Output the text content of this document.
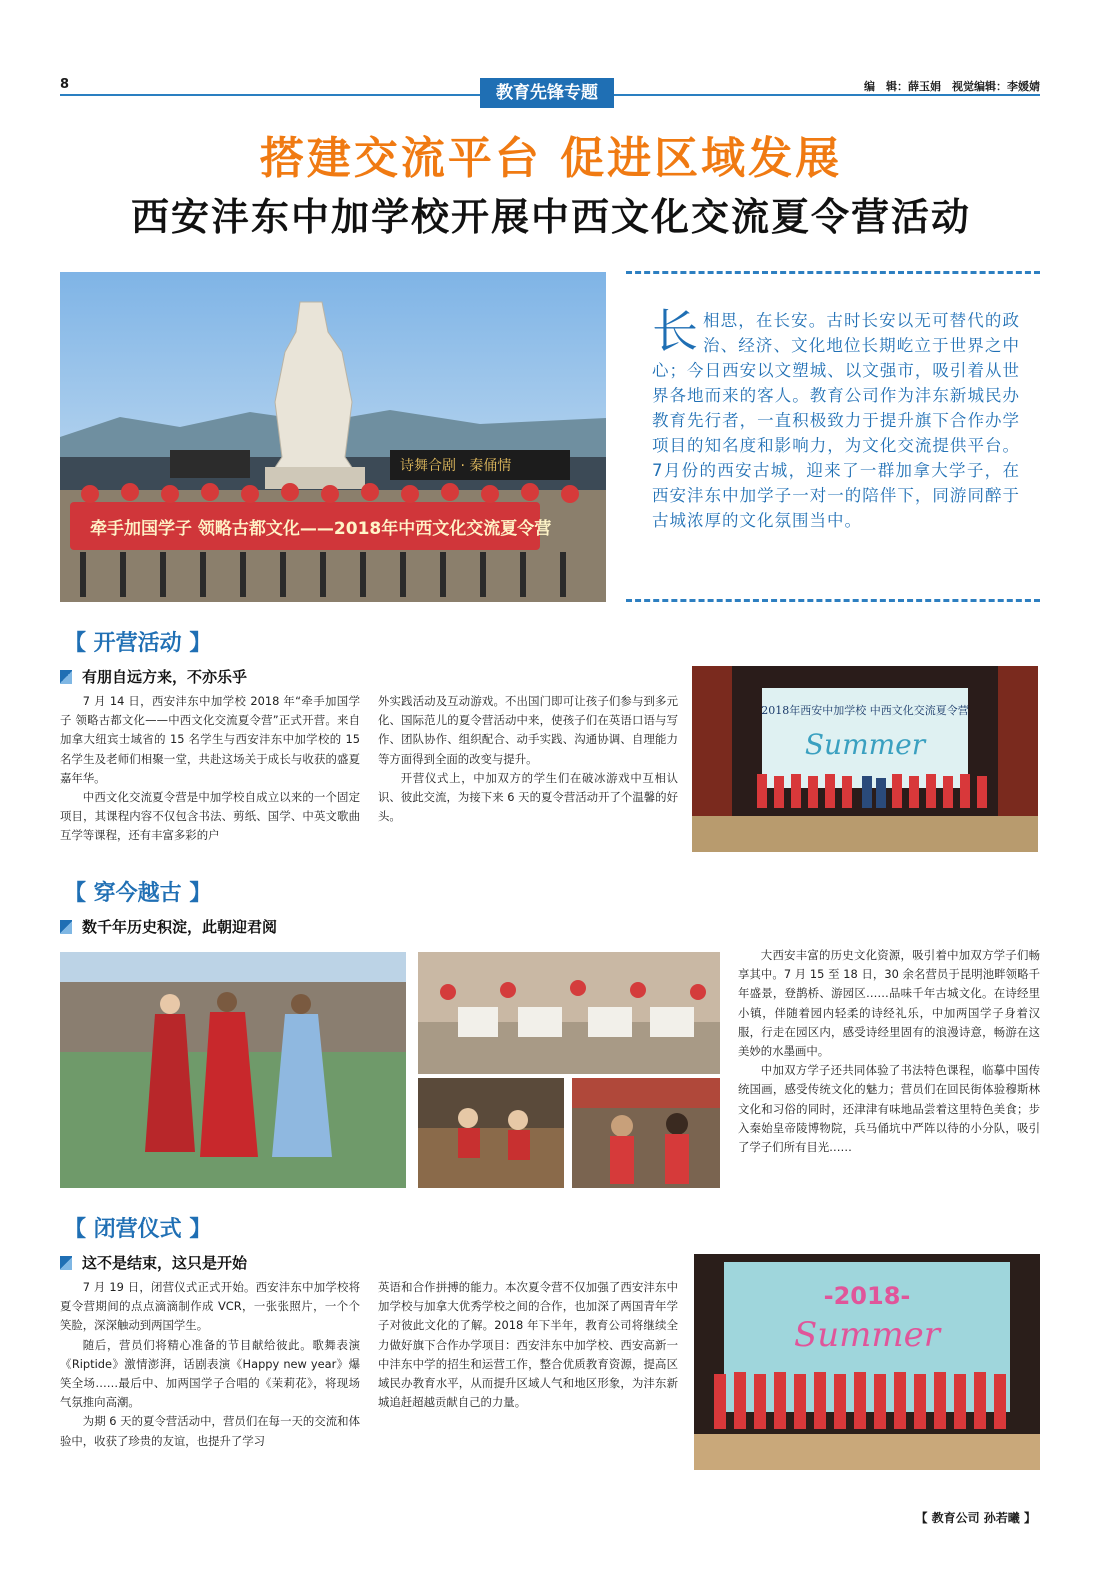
8	教育先锋专题	编　辑：薛玉娟　视觉编辑：李媛婧
搭建交流平台 促进区域发展
西安沣东中加学校开展中西文化交流夏令营活动
诗舞合剧 · 秦俑情
牵手加国学子 领略古都文化——2018年中西文化交流夏令营
长相思，在长安。古时长安以无可替代的政治、经济、文化地位长期屹立于世界之中心；今日西安以文塑城、以文强市，吸引着从世界各地而来的客人。教育公司作为沣东新城民办教育先行者，一直积极致力于提升旗下合作办学项目的知名度和影响力，为文化交流提供平台。7月份的西安古城，迎来了一群加拿大学子，在西安沣东中加学子一对一的陪伴下，同游同醉于古城浓厚的文化氛围当中。
【 开营活动 】
有朋自远方来，不亦乐乎

7 月 14 日，西安沣东中加学校 2018 年“牵手加国学子 领略古都文化——中西文化交流夏令营”正式开营。来自加拿大纽宾士域省的 15 名学生与西安沣东中加学校的 15 名学生及老师们相聚一堂，共赴这场关于成长与收获的盛夏嘉年华。

中西文化交流夏令营是中加学校自成立以来的一个固定项目，其课程内容不仅包含书法、剪纸、国学、中英文歌曲互学等课程，还有丰富多彩的户

外实践活动及互动游戏。不出国门即可让孩子们参与到多元化、国际范儿的夏令营活动中来，使孩子们在英语口语与写作、团队协作、组织配合、动手实践、沟通协调、自理能力等方面得到全面的改变与提升。

开营仪式上，中加双方的学生们在破冰游戏中互相认识、彼此交流，为接下来 6 天的夏令营活动开了个温馨的好头。

2018年西安中加学校 中西文化交流夏令营
Summer
【 穿今越古 】
数千年历史积淀，此朝迎君阅

大西安丰富的历史文化资源，吸引着中加双方学子们畅享其中。7 月 15 至 18 日，30 余名营员于昆明池畔领略千年盛景，登鹊桥、游园区……品味千年古城文化。在诗经里小镇，伴随着园内轻柔的诗经礼乐，中加两国学子身着汉服，行走在园区内，感受诗经里固有的浪漫诗意，畅游在这美妙的水墨画中。

中加双方学子还共同体验了书法特色课程，临摹中国传统国画，感受传统文化的魅力；营员们在回民街体验穆斯林文化和习俗的同时，还津津有味地品尝着这里特色美食；步入秦始皇帝陵博物院，兵马俑坑中严阵以待的小分队，吸引了学子们所有目光……

【 闭营仪式 】
这不是结束，这只是开始

7 月 19 日，闭营仪式正式开始。西安沣东中加学校将夏令营期间的点点滴滴制作成 VCR，一张张照片，一个个笑脸，深深触动到两国学生。

随后，营员们将精心准备的节目献给彼此。歌舞表演《Riptide》激情澎湃，话剧表演《Happy new year》爆笑全场……最后中、加两国学子合唱的《茉莉花》，将现场气氛推向高潮。

为期 6 天的夏令营活动中，营员们在每一天的交流和体验中，收获了珍贵的友谊，也提升了学习

英语和合作拼搏的能力。本次夏令营不仅加强了西安沣东中加学校与加拿大优秀学校之间的合作，也加深了两国青年学子对彼此文化的了解。2018 年下半年，教育公司将继续全力做好旗下合作办学项目：西安沣东中加学校、西安高新一中沣东中学的招生和运营工作，整合优质教育资源，提高区域民办教育水平，从而提升区域人气和地区形象，为沣东新城追赶超越贡献自己的力量。

-2018-
Summer
【 教育公司 孙若曦 】
